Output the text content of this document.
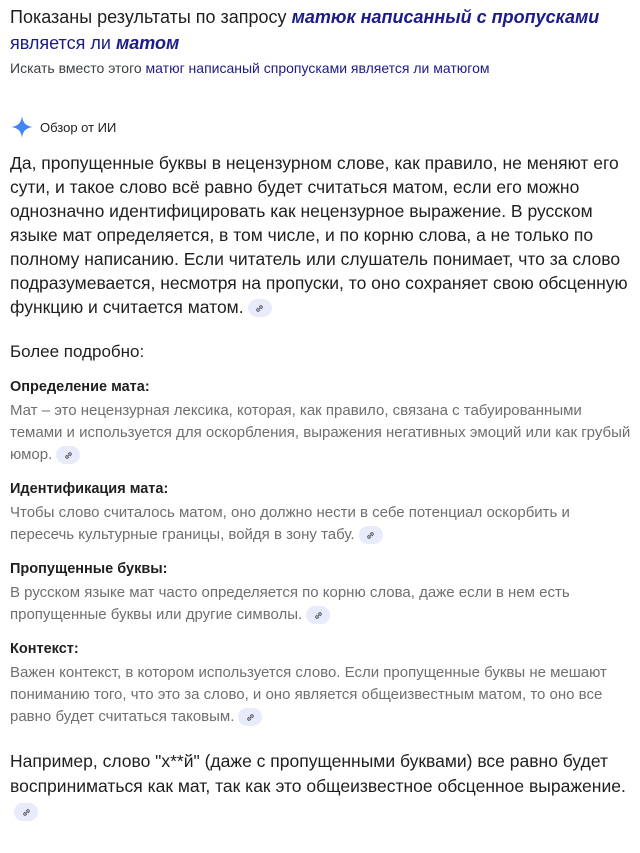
Показаны результаты по запросу матюк написанный с пропусками является ли матом
Искать вместо этого матюг написаный спропусками является ли матюгом
Обзор от ИИ

Да, пропущенные буквы в нецензурном слове, как правило, не меняют его сути, и такое слово всё равно будет считаться матом, если его можно однозначно идентифицировать как нецензурное выражение. В русском языке мат определяется, в том числе, и по корню слова, а не только по полному написанию. Если читатель или слушатель понимает, что за слово подразумевается, несмотря на пропуски, то оно сохраняет свою обсценную функцию и считается матом.

Более подробно:
Определение мата:

Мат – это нецензурная лексика, которая, как правило, связана с табуированными темами и используется для оскорбления, выражения негативных эмоций или как грубый юмор.

Идентификация мата:

Чтобы слово считалось матом, оно должно нести в себе потенциал оскорбить и пересечь культурные границы, войдя в зону табу.

Пропущенные буквы:

В русском языке мат часто определяется по корню слова, даже если в нем есть пропущенные буквы или другие символы.

Контекст:

Важен контекст, в котором используется слово. Если пропущенные буквы не мешают пониманию того, что это за слово, и оно является общеизвестным матом, то оно все равно будет считаться таковым.

Например, слово "х**й" (даже с пропущенными буквами) все равно будет восприниматься как мат, так как это общеизвестное обсценное выражение.
